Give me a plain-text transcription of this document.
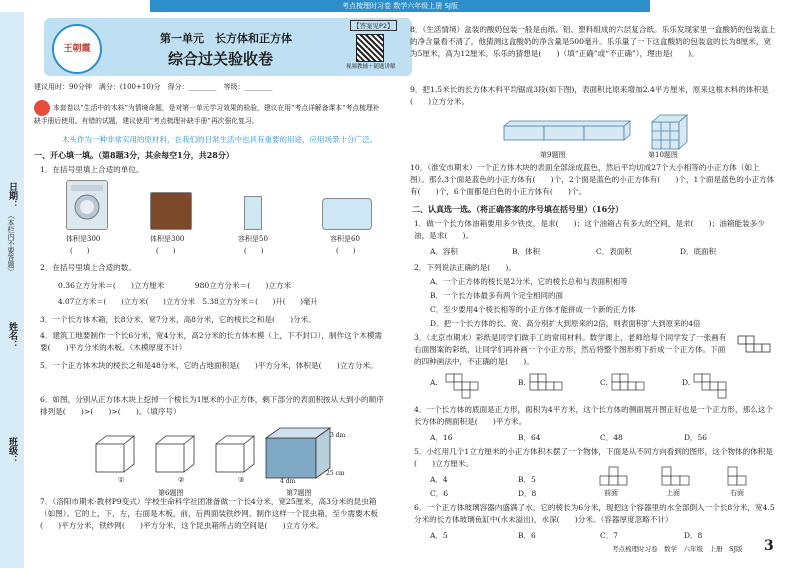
考点梳理时习卷 数学六年级上册 SJ版
日期：
（本栏内不要答题）
姓名：
班级：
王朝霞
第一单元　长方体和正方体
综合过关验收卷
【答案见P2】
视频教辅＋随题讲解
建议用时：90分钟　满分：(100+10)分　得分：________　等级：________
本套卷以“生活中的木料”为情境命题，是对第一单元学习效果的检验，建议在用“考点详解备课本”考点梳理补缺手册后使用。有错的试题，建议使用“考点梳理补缺手册”再次强化复习。
木头作为一种非常实用的原材料，在我们的日常生活中也具有重要的用途，应用场景十分广泛。
一、开心填一填。（第8题3分，其余每空1分，共28分）
1．在括号里填上合适的单位。
体积是300	体积是300	容积是50	容积是60
(　　)	(　　)	(　　)	(　　)
2．在括号里填上合适的数。
0.36立方分米＝(　　)立方厘米　　　　980立方分米＝(　　)立方米
4.07立方米＝(　　)立方米(　　)立方分米　5.38立方分米＝(　　)升(　　)毫升
3．一个长方体木箱，长8分米，宽7分米，高8分米，它的棱长之和是(　　)分米。
4．建筑工地要制作一个长6分米，宽4分米，高2分米的长方体木模（上，下不封口），制作这个木模需要(　　)平方分米的木板。（木模厚度不计）
5．一个正方体木块的棱长之和是48分米，它的占地面积是(　　)平方分米，体积是(　　)立方分米。
6．如图，分别从正方体木块上挖掉一个棱长为1厘米的小正方体，剩下部分的表面积按从大到小的顺序排列是(　　)>(　　)>(　　)。（填序号）
①	②	③
第6题图
3 dm
4 dm
25 cm
第7题图
7．（洛阳市期末·教材P9变式）学校生命科学社团准备做一个长4分米，宽25厘米，高3分米的昆虫箱（如图）。它的上，下，左，右面是木板，前，后两面装铁纱网。制作这样一个昆虫箱，至少需要木板(　　)平方分米，铁纱网(　　)平方分米，这个昆虫箱所占的空间是(　　)立方分米。
8．（生活情境）盒装的酸奶包装一般是由纸、铝、塑料组成的六层复合纸。乐乐发现家里一盒酸奶的包装盒上的净含量看不清了，他猜测这盒酸奶的净含量是500毫升。乐乐量了一下这盒酸奶的包装盒的长为8厘米，宽为5厘米，高为12厘米。乐乐的猜想是(　　)（填“正确”或“不正确”），理由是(　　)。
9．把1.5米长的长方体木料平均锯成3段(如下图)，表面积比原来增加2.4平方厘米，原来这根木料的体积是(　　)立方分米。
第9题图	第10题图
10．（淮安市期末）一个正方体木块的表面全部涂成蓝色，然后平均切成27个大小相等的小正方体（如上图）。那么3个面是蓝色的小正方体有(　　)个，2个面是蓝色的小正方体有(　　)个，1个面是蓝色的小正方体有(　　)个，6个面都是白色的小正方体有(　　)个。
二、认真选一选。（将正确答案的序号填在括号里）（16分）
1．做一个长方体油箱要用多少铁皮，是求(　　)；这个油箱占有多大的空间，是求(　　)；油箱能装多少油，是求(　　)。
A．容积	B．体积	C．表面积	D．底面积
2．下列说法正确的是(　　)。
A．一个正方体的棱长是2分米，它的棱长总和与表面积相等
B．一个长方体最多有两个完全相同的面
C．至少要用4个棱长相等的小正方体才能拼成一个新的正方体
D．把一个长方体的长、宽、高分别扩大到原来的2倍，则表面积扩大到原来的4倍
3．（北京市期末）彩纸是同学们做手工的常用材料。数学课上，老师给每个同学发了一张画有右面图案的彩纸，让同学们再补画一个小正方形，然后将整个图形剪下折成一个正方体。下面的四种画法中，不正确的是(　　)。
A.	B.	C.	D.
4．一个长方体的底面是正方形，面积为4平方米，这个长方体的侧面展开图正好也是一个正方形，那么这个长方体的侧面积是(　　)平方米。
A．16	B．64	C．48	D．56
5．小红用几个1立方厘米的小正方体积木摆了一个物体，下面是从不同方向看到的图形，这个物体的体积是(　　)立方厘米。
A．4	B．5
C．6	D．8	前面	上面	右面
6．一个正方体玻璃容器内盛满了水，它的棱长为6分米，现把这个容器里的水全部倒入一个长8分米，宽4.5分米的长方体玻璃鱼缸中(水未溢出)，水深(　　)分米。（容器厚度忽略不计）
A．5	B．6	C．7	D．8
考点梳理时习卷　数学　六年级　上册　SJ版 3
